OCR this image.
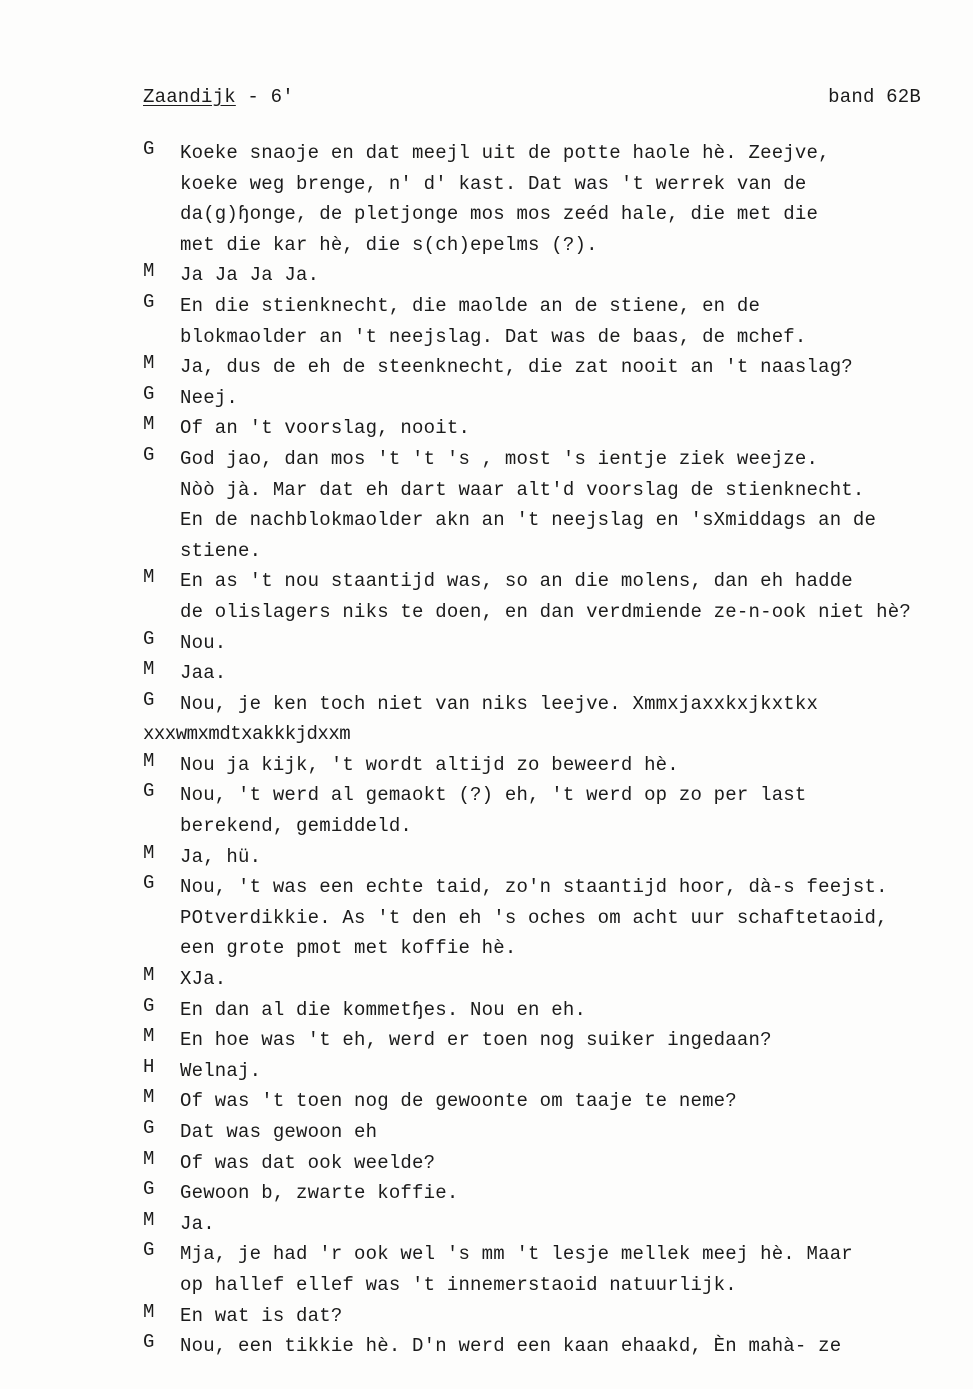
Zaandijk - 6'	band 62B
G	Koeke snaoje en dat meejl uit de potte haole hè. Zeejve,
koeke weg brenge, n' d' kast. Dat was 't werrek van de
da(g)ɧonge, de pletjonge mos mos zeéd hale, die met die
met die kar hè, die s(ch)epelms (?).
M	Ja Ja Ja Ja.
G	En die stienknecht, die maolde an de stiene, en de
blokmaolder an 't neejslag. Dat was de baas, de mchef.
M	Ja, dus de eh de steenknecht, die zat nooit an 't naaslag?
G	Neej.
M	Of an 't voorslag, nooit.
G	God jao, dan mos 't 't 's , most 's ientje ziek weejze.
Nòò jà. Mar dat eh dart waar alt'd voorslag de stienknecht.
En de nachblokmaolder akn an 't neejslag en 'sXmiddags an de
stiene.
M	En as 't nou staantijd was, so an die molens, dan eh hadde
de olislagers niks te doen, en dan verdmiende ze-n-ook niet hè?
G	Nou.
M	Jaa.
G	Nou, je ken toch niet van niks leejve. Xmmxjaxxkxjkxtkx
xxxwmxmdtxakkkjdxxm
M	Nou ja kijk, 't wordt altijd zo beweerd hè.
G	Nou, 't werd al gemaokt (?) eh, 't werd op zo per last
berekend, gemiddeld.
M	Ja, hü.
G	Nou, 't was een echte taid, zo'n staantijd hoor, dà-s feejst.
POtverdikkie. As 't den eh 's oches om acht uur schaftetaoid,
een grote pmot met koffie hè.
M	XJa.
G	En dan al die kommetɧes. Nou en eh.
M	En hoe was 't eh, werd er toen nog suiker ingedaan?
H	Welnaj.
M	Of was 't toen nog de gewoonte om taaje te neme?
G	Dat was gewoon eh
M	Of was dat ook weelde?
G	Gewoon b, zwarte koffie.
M	Ja.
G	Mja, je had 'r ook wel 's mm 't lesje mellek meej hè. Maar
op hallef ellef was 't innemerstaoid natuurlijk.
M	En wat is dat?
G	Nou, een tikkie hè. D'n werd een kaan ehaakd, Èn mahà- ze
